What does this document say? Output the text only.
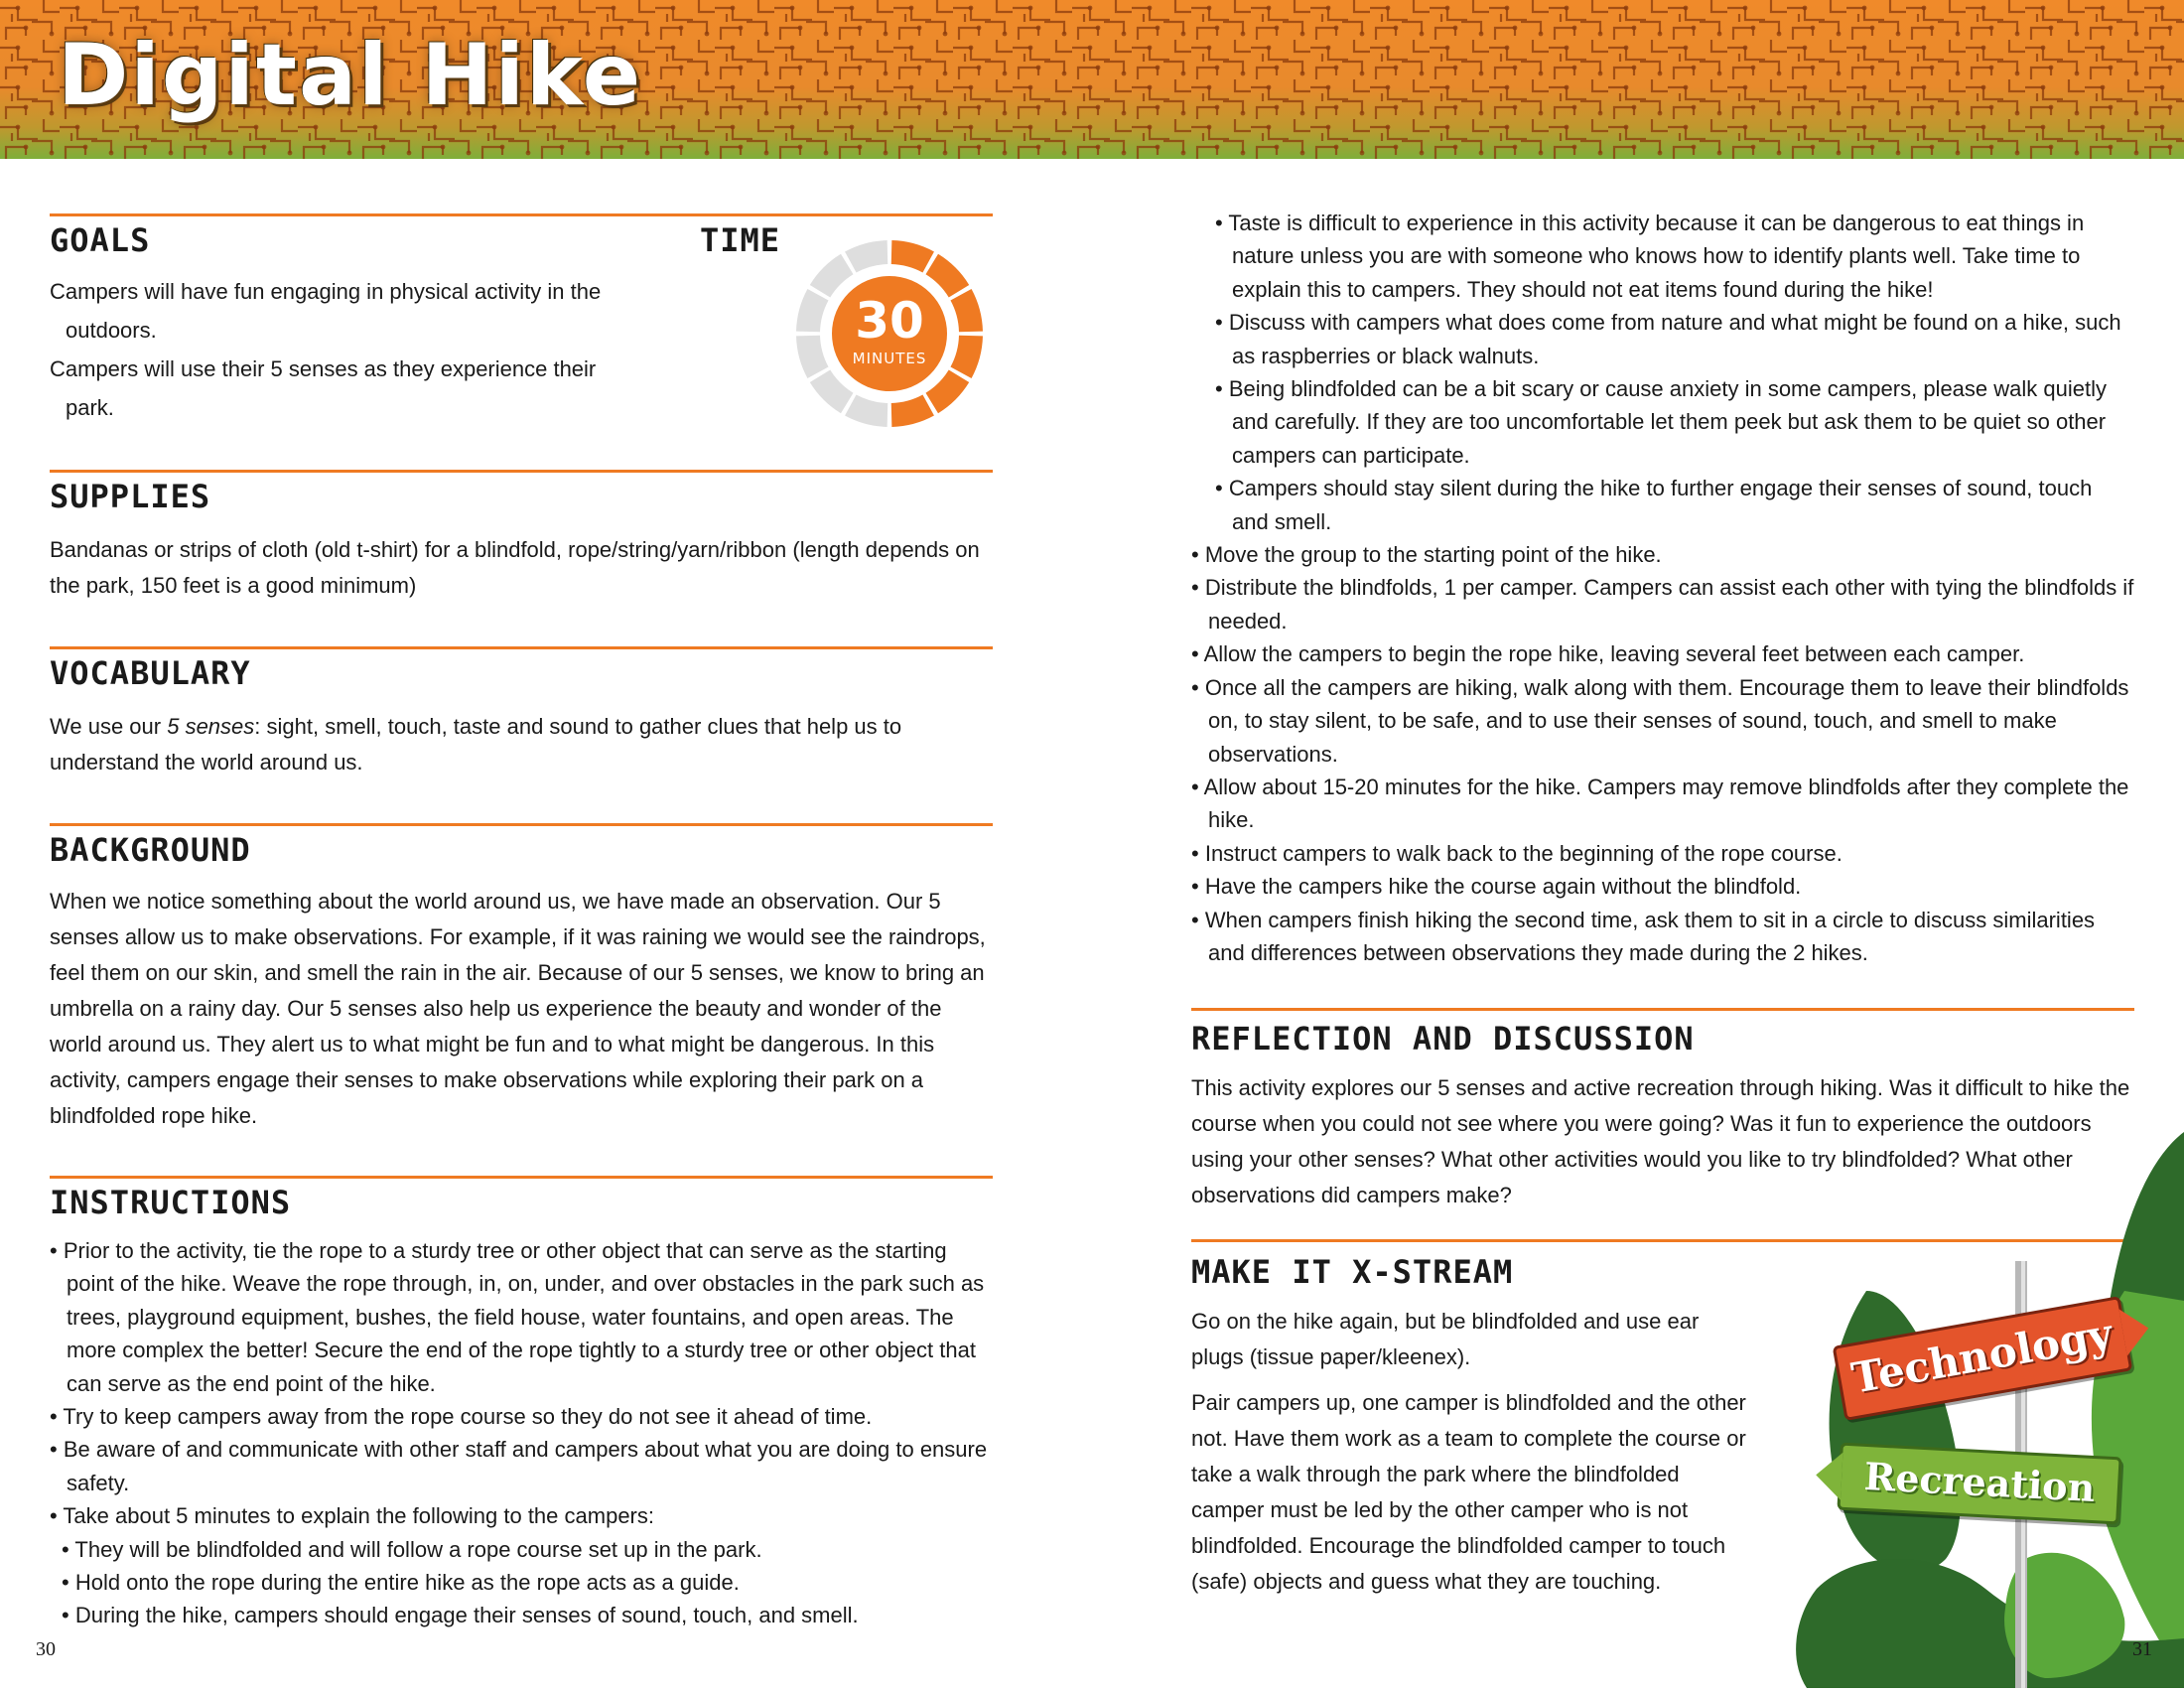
Digital Hike
GOALS

Campers will have fun engaging in physical activity in the outdoors.

Campers will use their 5 senses as they experience their park.

TIME
SUPPLIES

Bandanas or strips of cloth (old t-shirt) for a blindfold, rope/string/yarn/ribbon (length depends on the park, 150 feet is a good minimum)

VOCABULARY

We use our 5 senses: sight, smell, touch, taste and sound to gather clues that help us to understand the world around us.

BACKGROUND

When we notice something about the world around us, we have made an observation. Our 5 senses allow us to make observations. For example, if it was raining we would see the raindrops, feel them on our skin, and smell the rain in the air. Because of our 5 senses, we know to bring an umbrella on a rainy day. Our 5 senses also help us experience the beauty and wonder of the world around us. They alert us to what might be fun and to what might be dangerous. In this activity, campers engage their senses to make observations while exploring their park on a blindfolded rope hike.

INSTRUCTIONS
• Prior to the activity, tie the rope to a sturdy tree or other object that can serve as the starting point of the hike. Weave the rope through, in, on, under, and over obstacles in the park such as trees, playground equipment, bushes, the field house, water fountains, and open areas. The more complex the better! Secure the end of the rope tightly to a sturdy tree or other object that can serve as the end point of the hike.
• Try to keep campers away from the rope course so they do not see it ahead of time.
• Be aware of and communicate with other staff and campers about what you are doing to ensure safety.
• Take about 5 minutes to explain the following to the campers:
• They will be blindfolded and will follow a rope course set up in the park.
• Hold onto the rope during the entire hike as the rope acts as a guide.
• During the hike, campers should engage their senses of sound, touch, and smell.
30
MINUTES
30
• Taste is difficult to experience in this activity because it can be dangerous to eat things in nature unless you are with someone who knows how to identify plants well. Take time to explain this to campers. They should not eat items found during the hike!
• Discuss with campers what does come from nature and what might be found on a hike, such as raspberries or black walnuts.
• Being blindfolded can be a bit scary or cause anxiety in some campers, please walk quietly and carefully. If they are too uncomfortable let them peek but ask them to be quiet so other campers can participate.
• Campers should stay silent during the hike to further engage their senses of sound, touch and smell.
• Move the group to the starting point of the hike.
• Distribute the blindfolds, 1 per camper. Campers can assist each other with tying the blindfolds if needed.
• Allow the campers to begin the rope hike, leaving several feet between each camper.
• Once all the campers are hiking, walk along with them. Encourage them to leave their blindfolds on, to stay silent, to be safe, and to use their senses of sound, touch, and smell to make observations.
• Allow about 15-20 minutes for the hike. Campers may remove blindfolds after they complete the hike.
• Instruct campers to walk back to the beginning of the rope course.
• Have the campers hike the course again without the blindfold.
• When campers finish hiking the second time, ask them to sit in a circle to discuss similarities and differences between observations they made during the 2 hikes.
REFLECTION AND DISCUSSION

This activity explores our 5 senses and active recreation through hiking. Was it difficult to hike the course when you could not see where you were going? Was it fun to experience the outdoors using your other senses? What other activities would you like to try blindfolded? What other observations did campers make?

MAKE IT X-STREAM

Go on the hike again, but be blindfolded and use ear plugs (tissue paper/kleenex).

Pair campers up, one camper is blindfolded and the other not. Have them work as a team to complete the course or take a walk through the park where the blindfolded camper must be led by the other camper who is not blindfolded. Encourage the blindfolded camper to touch (safe) objects and guess what they are touching.

Technology
Recreation
31
